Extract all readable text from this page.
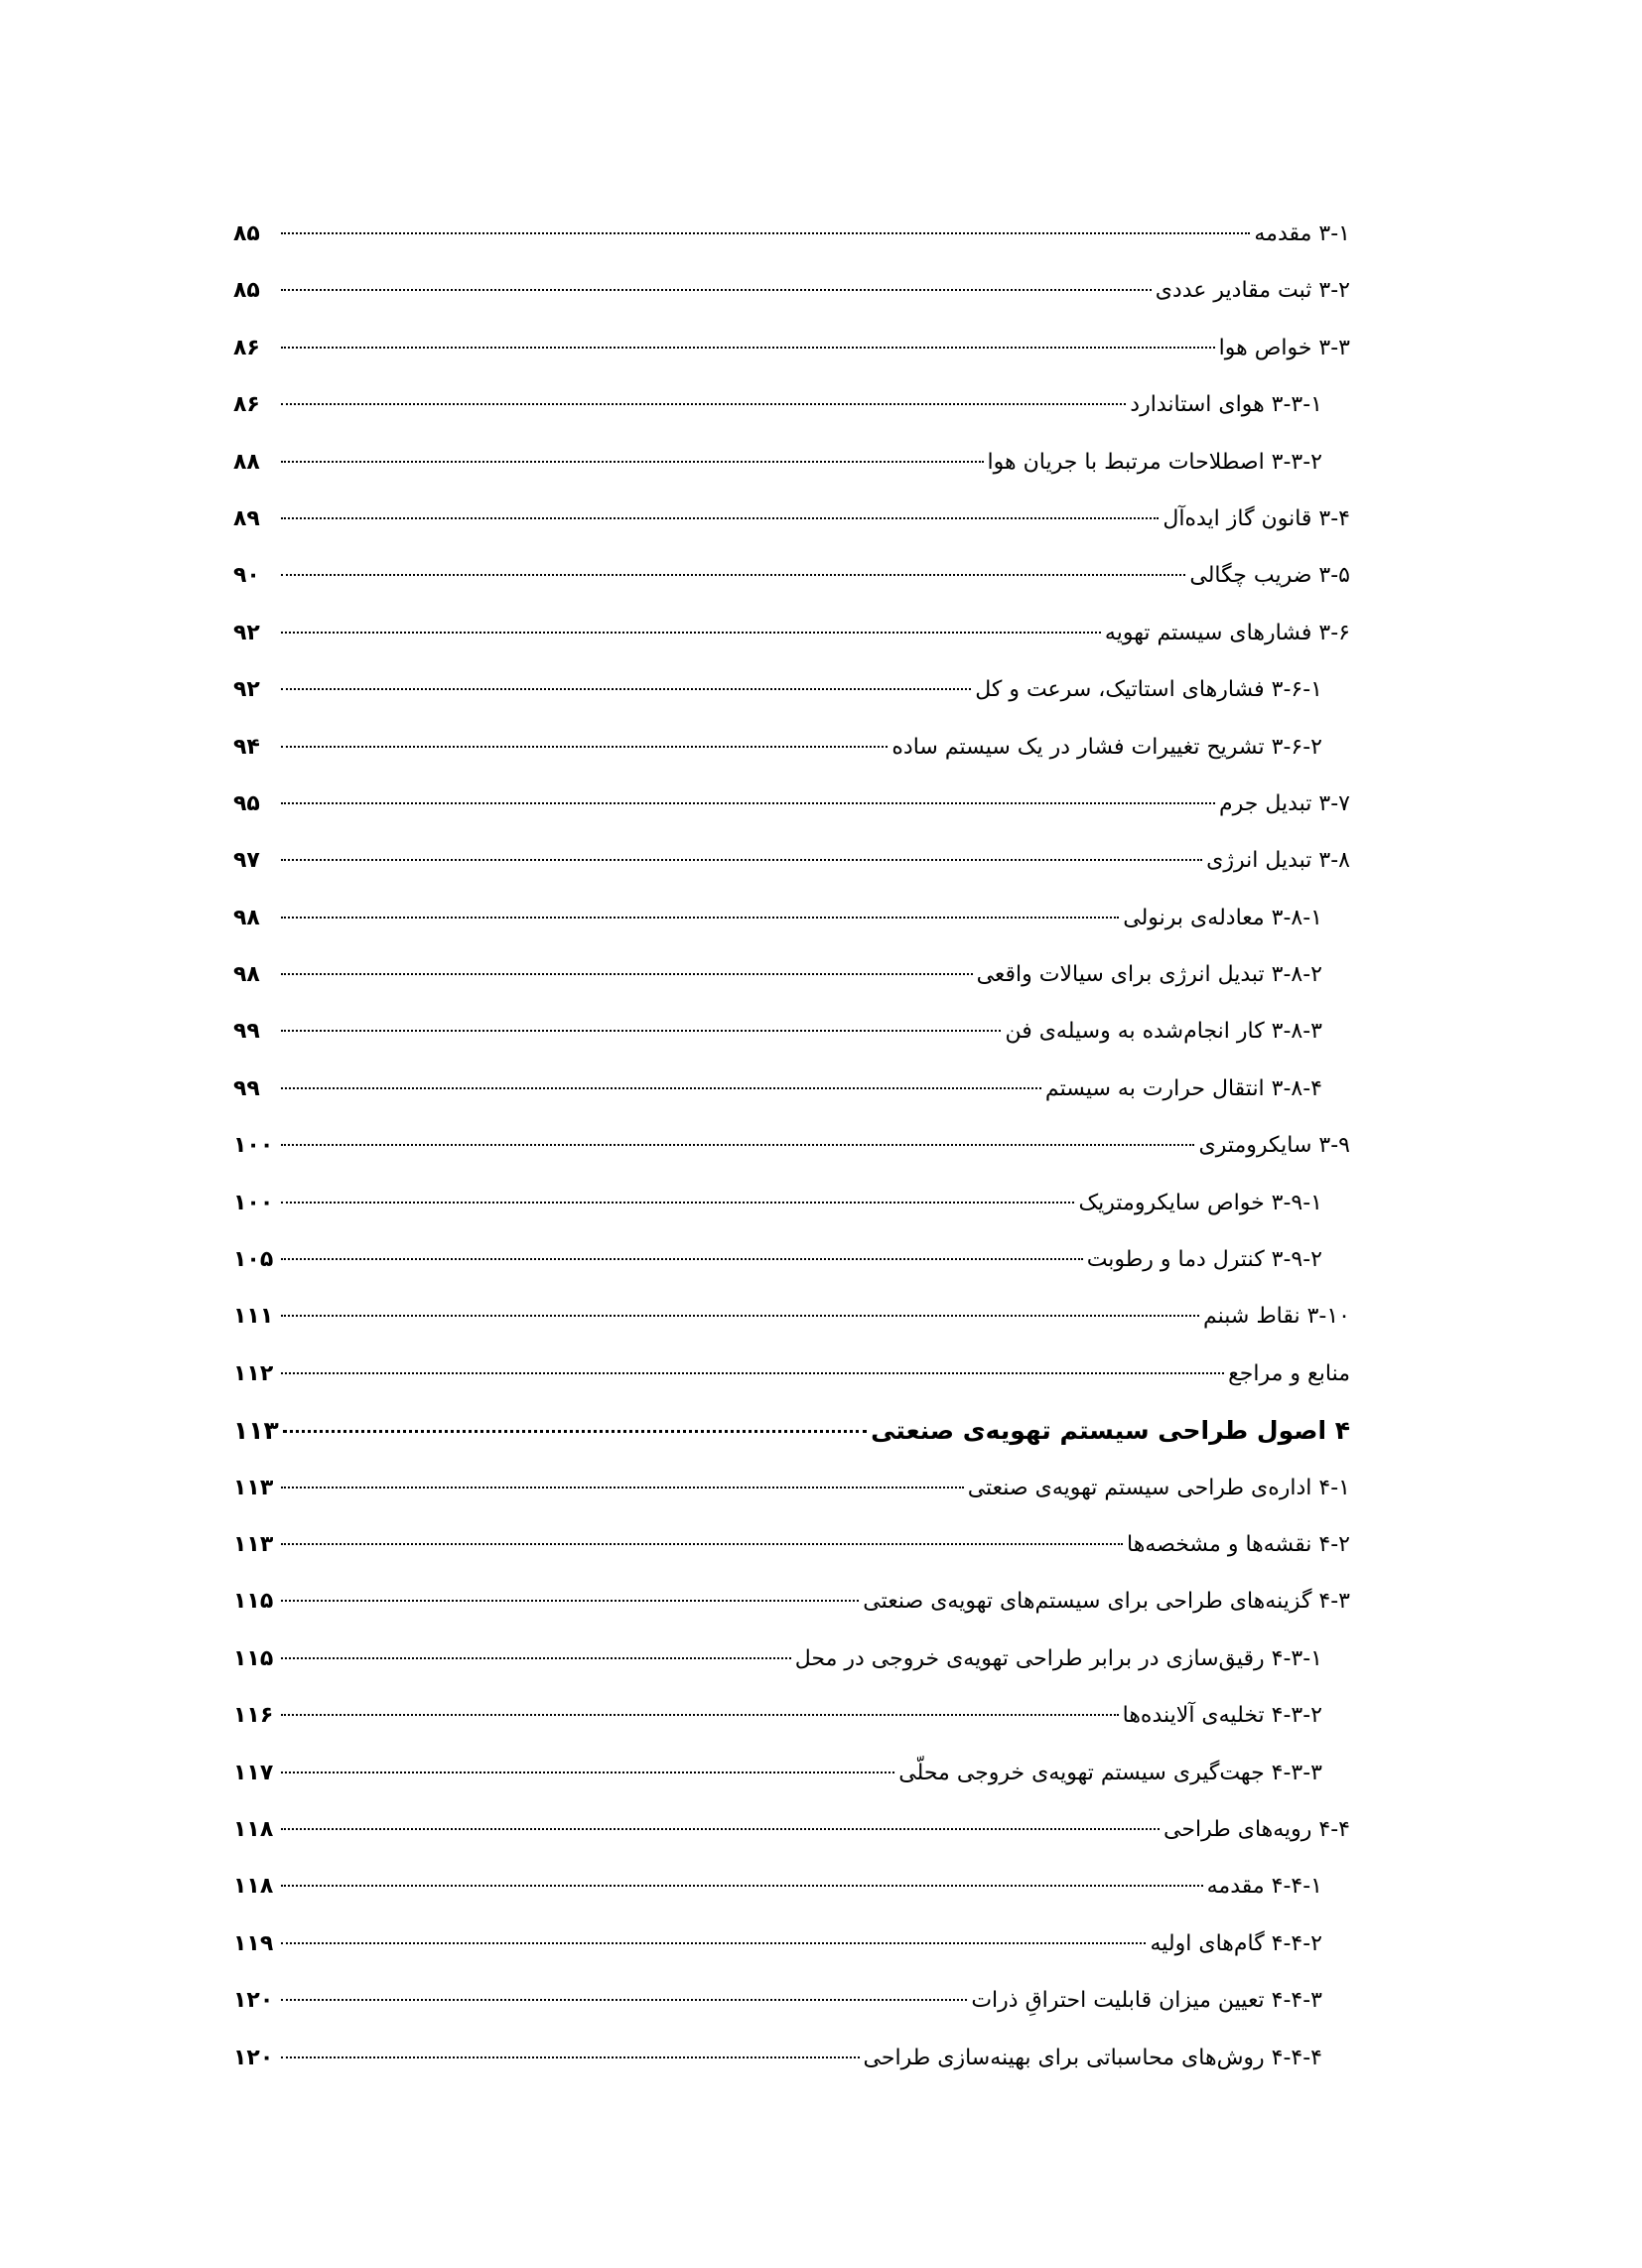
۳-۱ مقدمه
۸۵
۳-۲ ثبت مقادیر عددی
۸۵
۳-۳ خواص هوا
۸۶
۳-۳-۱ هوای استاندارد
۸۶
۳-۳-۲ اصطلاحات مرتبط با جریان هوا
۸۸
۳-۴ قانون گاز ایده‌آل
۸۹
۳-۵ ضریب چگالی
۹۰
۳-۶ فشارهای سیستم تهویه
۹۲
۳-۶-۱ فشارهای استاتیک، سرعت و کل
۹۲
۳-۶-۲ تشریح تغییرات فشار در یک سیستم ساده
۹۴
۳-۷ تبدیل جرم
۹۵
۳-۸ تبدیل انرژی
۹۷
۳-۸-۱ معادله‌ی برنولی
۹۸
۳-۸-۲ تبدیل انرژی برای سیالات واقعی
۹۸
۳-۸-۳ کار انجام‌شده به وسیله‌ی فن
۹۹
۳-۸-۴ انتقال حرارت به سیستم
۹۹
۳-۹ سایکرومتری
۱۰۰
۳-۹-۱ خواص سایکرومتریک
۱۰۰
۳-۹-۲ کنترل دما و رطوبت
۱۰۵
۳-۱۰ نقاط شبنم
۱۱۱
منابع و مراجع
۱۱۲
۴ اصول طراحی سیستم تهویه‌ی صنعتی
۱۱۳
۴-۱ اداره‌ی طراحی سیستم تهویه‌ی صنعتی
۱۱۳
۴-۲ نقشه‌ها و مشخصه‌ها
۱۱۳
۴-۳ گزینه‌های طراحی برای سیستم‌های تهویه‌ی صنعتی
۱۱۵
۴-۳-۱ رقیق‌سازی در برابر طراحی تهویه‌ی خروجی در محل
۱۱۵
۴-۳-۲ تخلیه‌ی آلاینده‌ها
۱۱۶
۴-۳-۳ جهت‌گیری سیستم تهویه‌ی خروجی محلّی
۱۱۷
۴-۴ رویه‌های طراحی
۱۱۸
۴-۴-۱ مقدمه
۱۱۸
۴-۴-۲ گام‌های اولیه
۱۱۹
۴-۴-۳ تعیین میزان قابلیت احتراقِ ذرات
۱۲۰
۴-۴-۴ روش‌های محاسباتی برای بهینه‌سازی طراحی
۱۲۰
